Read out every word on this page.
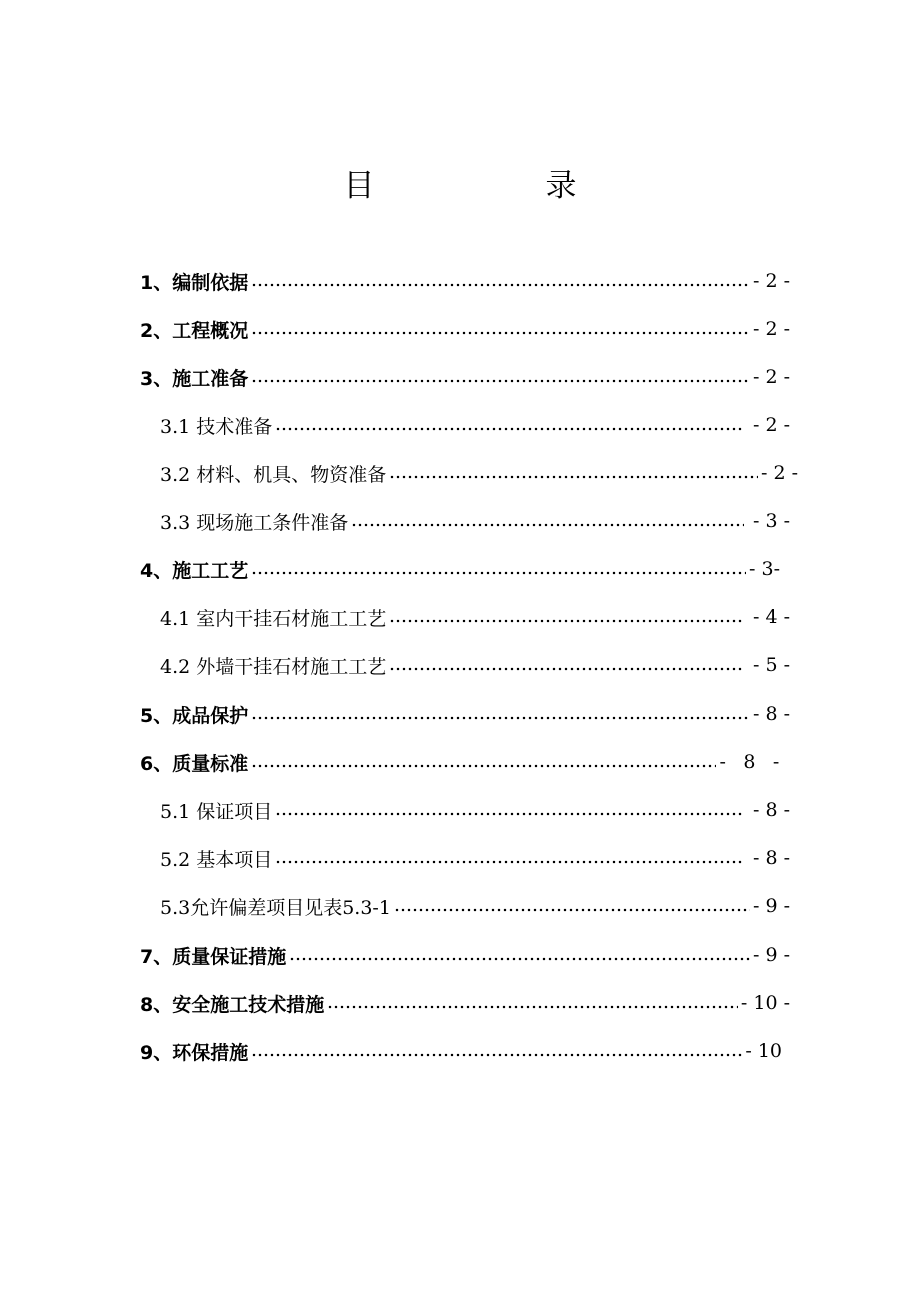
目 录
1、编制依据	- 2 -
2、工程概况	- 2 -
3、施工准备	- 2 -
3.1 技术准备	- 2 -
3.2 材料、机具、物资准备	- 2 -
3.3 现场施工条件准备	- 3 -
4、施工工艺	- 3-
4.1 室内干挂石材施工工艺	- 4 -
4.2 外墙干挂石材施工工艺	- 5 -
5、成品保护	- 8 -
6、质量标准	- 8 -
5.1 保证项目	- 8 -
5.2 基本项目	- 8 -
5.3允许偏差项目见表5.3-1	- 9 -
7、质量保证措施	- 9 -
8、安全施工技术措施	- 10 -
9、环保措施	- 10
